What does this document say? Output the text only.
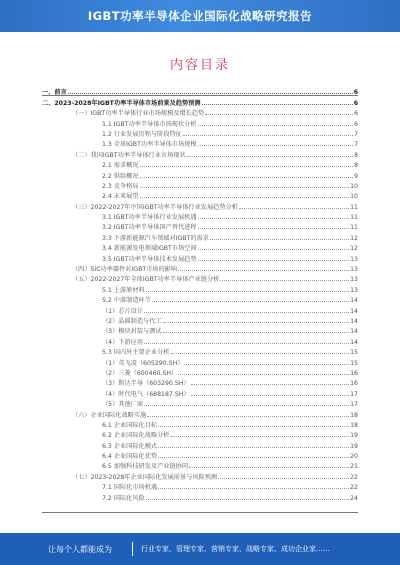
IGBT功率半导体企业国际化战略研究报告
内容目录
一、前言	6
二、2023-2028年IGBT功率半导体市场前景及趋势预测	6
（一）IGBT功率半导体行业市场规模及增长趋势	6
1.1 IGBT功率半导体市场现状分析	6
1.2 行业发展历程与阶段特征	7
1.3 全球IGBT功率半导体市场规模	7
（二）我国IGBT功率半导体行业市场现状	8
2.1 需求概况	8
2.2 供给概况	9
2.3 竞争格局	10
2.4 未来展望	10
（三）2022-2027年中国IGBT功率半导体行业发展趋势分析	11
3.1 IGBT功率半导体行业发展机遇	11
3.2 IGBT功率半导体国产替代进程	11
3.3 下游新能源汽车领域对IGBT的需求	12
3.4 新能源发电领域IGBT市场空间	12
3.5 IGBT功率半导体技术发展趋势	13
（四）SiC功率器件对IGBT市场的影响	13
（五）2022-2027年全球IGBT功率半导体产业链分析	13
5.1 上游原材料	13
5.2 中游制造环节	14
（1）芯片设计	14
（2）晶圆制造与代工	14
（3）模块封装与测试	14
（4）下游应用	14
5.3 国内外主要企业分析	15
（1）英飞凌（605290.SH）	15
（2）三菱（600460.SH）	16
（3）斯达半导（603290.SH）	16
（4）时代电气（688187.SH）	17
（5）其他厂商	17
（六）企业国际化战略实施	18
6.1 企业国际化目标	18
6.2 企业国际化战略分析	19
6.3 企业国际化模式	19
6.4 企业国际化优势	20
6.5 加强科技研发及产业链协同	21
（七）2023-2028年企业国际化发展前景与风险预测	22
7.1 国际化市场机遇	22
7.2 国际化风险	24
让每个人都能成为	行业专家、管理专家、营销专家、战略专家、成功企业家……
